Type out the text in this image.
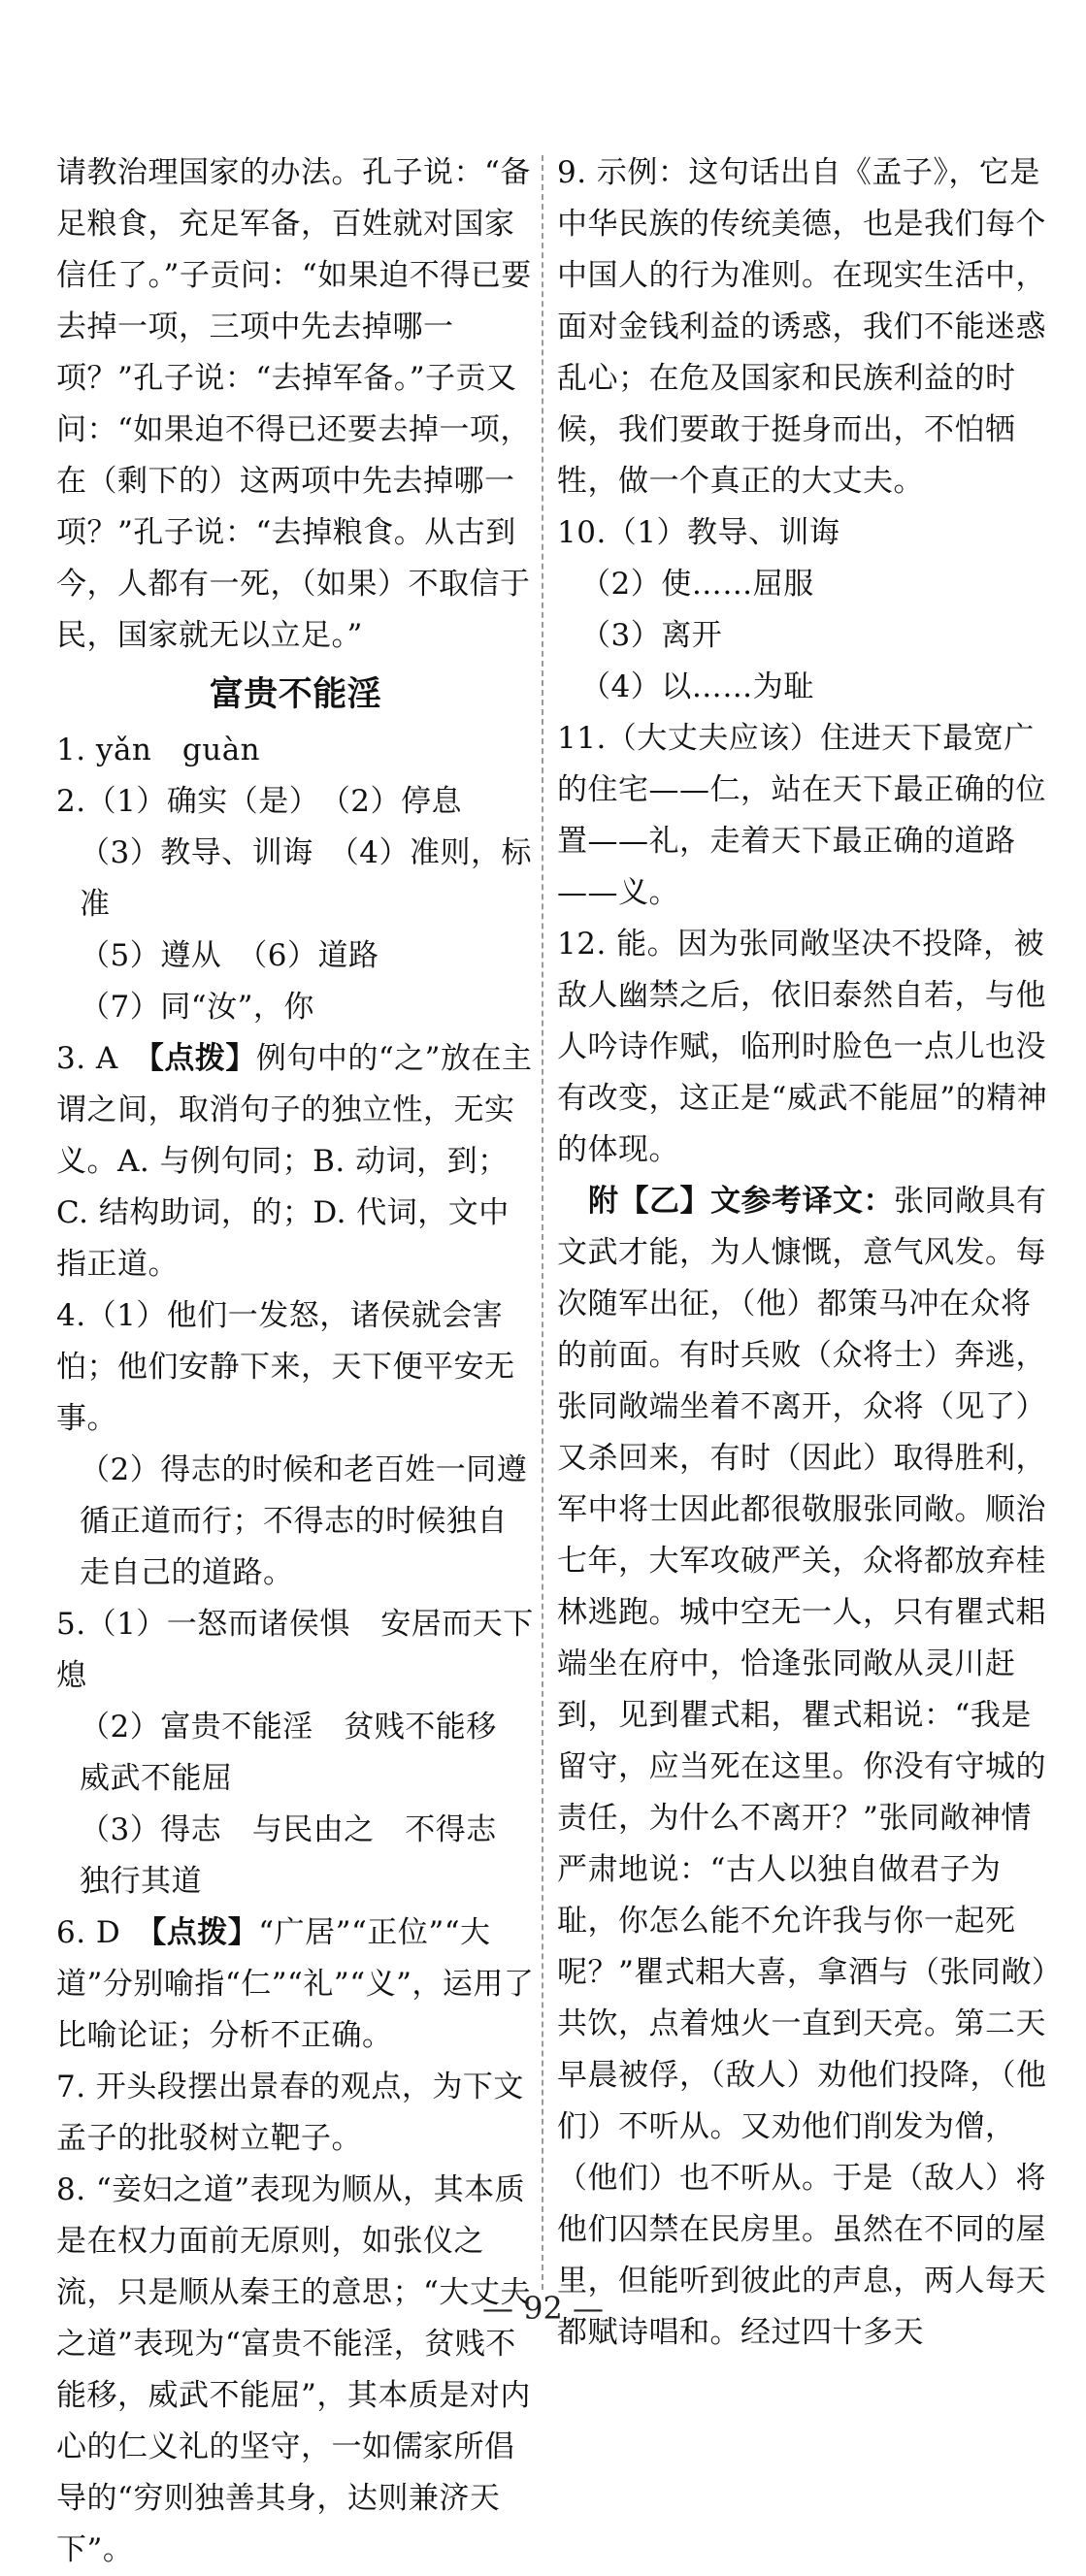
请教治理国家的办法。孔子说：“备足粮食，充足军备，百姓就对国家信任了。”子贡问：“如果迫不得已要去掉一项，三项中先去掉哪一项？”孔子说：“去掉军备。”子贡又问：“如果迫不得已还要去掉一项，在（剩下的）这两项中先去掉哪一项？”孔子说：“去掉粮食。从古到今，人都有一死，（如果）不取信于民，国家就无以立足。”

富贵不能淫

1. yǎn　guàn

2.（1）确实（是）　（2）停息

（3）教导、训诲　（4）准则，标准

（5）遵从　（6）道路

（7）同“汝”，你

3. A　【点拨】例句中的“之”放在主谓之间，取消句子的独立性，无实义。A. 与例句同；B. 动词，到；C. 结构助词，的；D. 代词，文中指正道。

4.（1）他们一发怒，诸侯就会害怕；他们安静下来，天下便平安无事。

（2）得志的时候和老百姓一同遵循正道而行；不得志的时候独自走自己的道路。

5.（1）一怒而诸侯惧　安居而天下熄

（2）富贵不能淫　贫贱不能移

威武不能屈

（3）得志　与民由之　不得志

独行其道

6. D　【点拨】“广居”“正位”“大道”分别喻指“仁”“礼”“义”，运用了比喻论证；分析不正确。

7. 开头段摆出景春的观点，为下文孟子的批驳树立靶子。

8. “妾妇之道”表现为顺从，其本质是在权力面前无原则，如张仪之流，只是顺从秦王的意思；“大丈夫之道”表现为“富贵不能淫，贫贱不能移，威武不能屈”，其本质是对内心的仁义礼的坚守，一如儒家所倡导的“穷则独善其身，达则兼济天下”。

9. 示例：这句话出自《孟子》，它是中华民族的传统美德，也是我们每个中国人的行为准则。在现实生活中，面对金钱利益的诱惑，我们不能迷惑乱心；在危及国家和民族利益的时候，我们要敢于挺身而出，不怕牺牲，做一个真正的大丈夫。

10.（1）教导、训诲

（2）使……屈服

（3）离开

（4）以……为耻

11.（大丈夫应该）住进天下最宽广的住宅——仁，站在天下最正确的位置——礼，走着天下最正确的道路——义。

12. 能。因为张同敞坚决不投降，被敌人幽禁之后，依旧泰然自若，与他人吟诗作赋，临刑时脸色一点儿也没有改变，这正是“威武不能屈”的精神的体现。

附【乙】文参考译文：张同敞具有文武才能，为人慷慨，意气风发。每次随军出征，（他）都策马冲在众将的前面。有时兵败（众将士）奔逃，张同敞端坐着不离开，众将（见了）又杀回来，有时（因此）取得胜利，军中将士因此都很敬服张同敞。顺治七年，大军攻破严关，众将都放弃桂林逃跑。城中空无一人，只有瞿式耜端坐在府中，恰逢张同敞从灵川赶到，见到瞿式耜，瞿式耜说：“我是留守，应当死在这里。你没有守城的责任，为什么不离开？”张同敞神情严肃地说：“古人以独自做君子为耻，你怎么能不允许我与你一起死呢？”瞿式耜大喜，拿酒与（张同敞）共饮，点着烛火一直到天亮。第二天早晨被俘，（敌人）劝他们投降，（他们）不听从。又劝他们削发为僧，（他们）也不听从。于是（敌人）将他们囚禁在民房里。虽然在不同的屋里，但能听到彼此的声息，两人每天都赋诗唱和。经过四十多天

— 92 —
